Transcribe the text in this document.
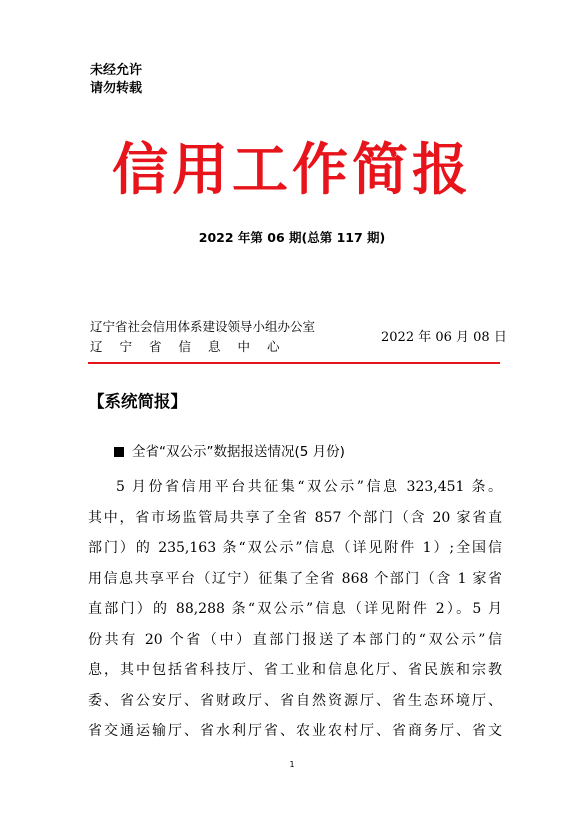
未经允许
请勿转载
信用工作简报
2022 年第 06 期(总第 117 期)
辽宁省社会信用体系建设领导小组办公室
辽宁省信息中心
2022 年 06 月 08 日
【系统简报】
全省“双公示”数据报送情况(5 月份)
5 月份省信用平台共征集“双公示”信息 323,451 条。
其中，省市场监管局共享了全省 857 个部门（含 20 家省直
部门）的 235,163 条“双公示”信息（详见附件 1）;全国信
用信息共享平台（辽宁）征集了全省 868 个部门（含 1 家省
直部门）的 88,288 条“双公示”信息（详见附件 2）。5 月
份共有 20 个省（中）直部门报送了本部门的“双公示”信
息，其中包括省科技厅、省工业和信息化厅、省民族和宗教
委、省公安厅、省财政厅、省自然资源厅、省生态环境厅、
省交通运输厅、省水利厅省、农业农村厅、省商务厅、省文
1
